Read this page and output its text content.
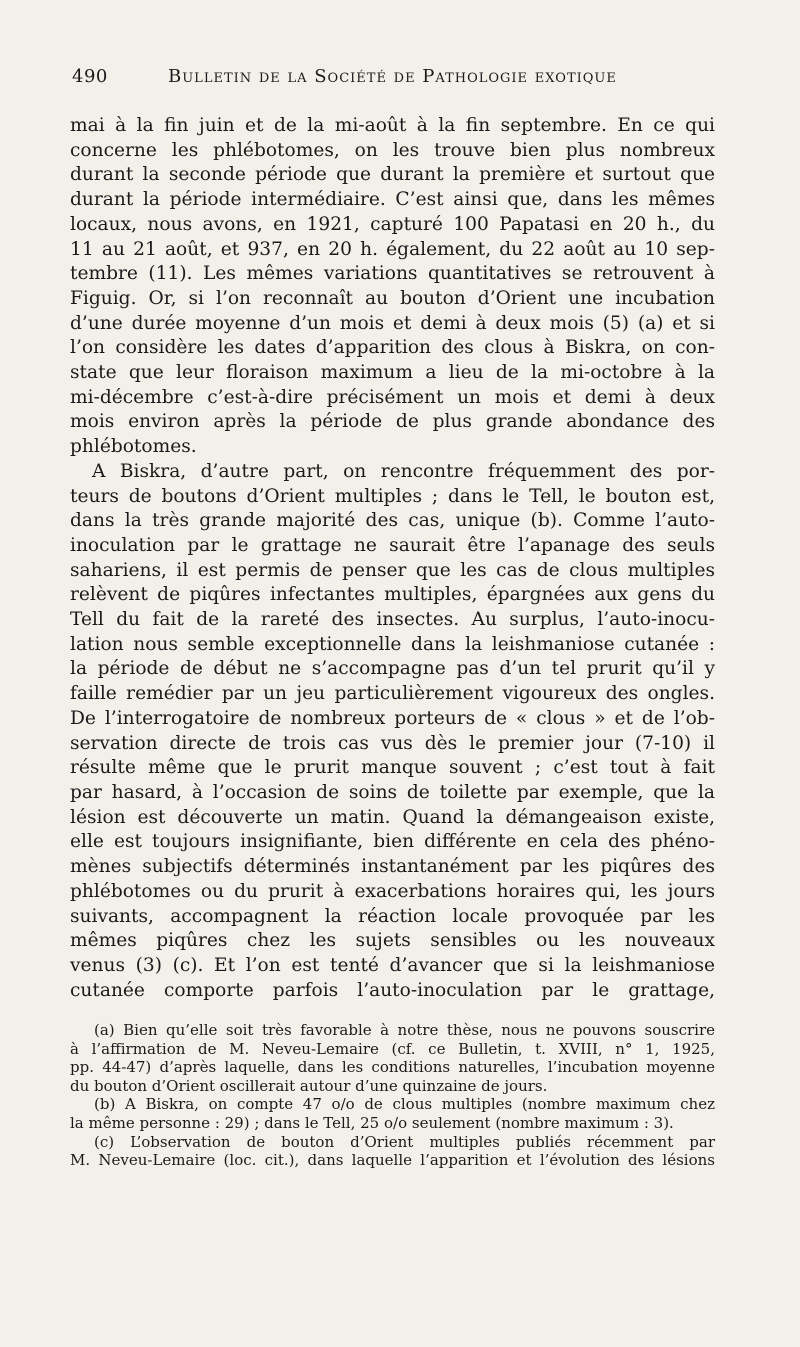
490	Bulletin de la Société de Pathologie exotique
mai à la fin juin et de la mi-août à la fin septembre. En ce qui
concerne les phlébotomes, on les trouve bien plus nombreux
durant la seconde période que durant la première et surtout que
durant la période intermédiaire. C’est ainsi que, dans les mêmes
locaux, nous avons, en 1921, capturé 100 Papatasi en 20 h., du
11 au 21 août, et 937, en 20 h. également, du 22 août au 10 sep-
tembre (11). Les mêmes variations quantitatives se retrouvent à
Figuig. Or, si l’on reconnaît au bouton d’Orient une incubation
d’une durée moyenne d’un mois et demi à deux mois (5) (a) et si
l’on considère les dates d’apparition des clous à Biskra, on con-
state que leur floraison maximum a lieu de la mi-octobre à la
mi-décembre c’est-à-dire précisément un mois et demi à deux
mois environ après la période de plus grande abondance des
phlébotomes.
A Biskra, d’autre part, on rencontre fréquemment des por-
teurs de boutons d’Orient multiples ; dans le Tell, le bouton est,
dans la très grande majorité des cas, unique (b). Comme l’auto-
inoculation par le grattage ne saurait être l’apanage des seuls
sahariens, il est permis de penser que les cas de clous multiples
relèvent de piqûres infectantes multiples, épargnées aux gens du
Tell du fait de la rareté des insectes. Au surplus, l’auto-inocu-
lation nous semble exceptionnelle dans la leishmaniose cutanée :
la période de début ne s’accompagne pas d’un tel prurit qu’il y
faille remédier par un jeu particulièrement vigoureux des ongles.
De l’interrogatoire de nombreux porteurs de « clous » et de l’ob-
servation directe de trois cas vus dès le premier jour (7-10) il
résulte même que le prurit manque souvent ; c’est tout à fait
par hasard, à l’occasion de soins de toilette par exemple, que la
lésion est découverte un matin. Quand la démangeaison existe,
elle est toujours insignifiante, bien différente en cela des phéno-
mènes subjectifs déterminés instantanément par les piqûres des
phlébotomes ou du prurit à exacerbations horaires qui, les jours
suivants, accompagnent la réaction locale provoquée par les
mêmes piqûres chez les sujets sensibles ou les nouveaux
venus (3) (c). Et l’on est tenté d’avancer que si la leishmaniose
cutanée comporte parfois l’auto-inoculation par le grattage,
(a) Bien qu’elle soit très favorable à notre thèse, nous ne pouvons souscrire
à l’affirmation de M. Neveu-Lemaire (cf. ce Bulletin, t. XVIII, n° 1, 1925,
pp. 44-47) d’après laquelle, dans les conditions naturelles, l’incubation moyenne
du bouton d’Orient oscillerait autour d’une quinzaine de jours.
(b) A Biskra, on compte 47 o/o de clous multiples (nombre maximum chez
la même personne : 29) ; dans le Tell, 25 o/o seulement (nombre maximum : 3).
(c) L’observation de bouton d’Orient multiples publiés récemment par
M. Neveu-Lemaire (loc. cit.), dans laquelle l’apparition et l’évolution des lésions
